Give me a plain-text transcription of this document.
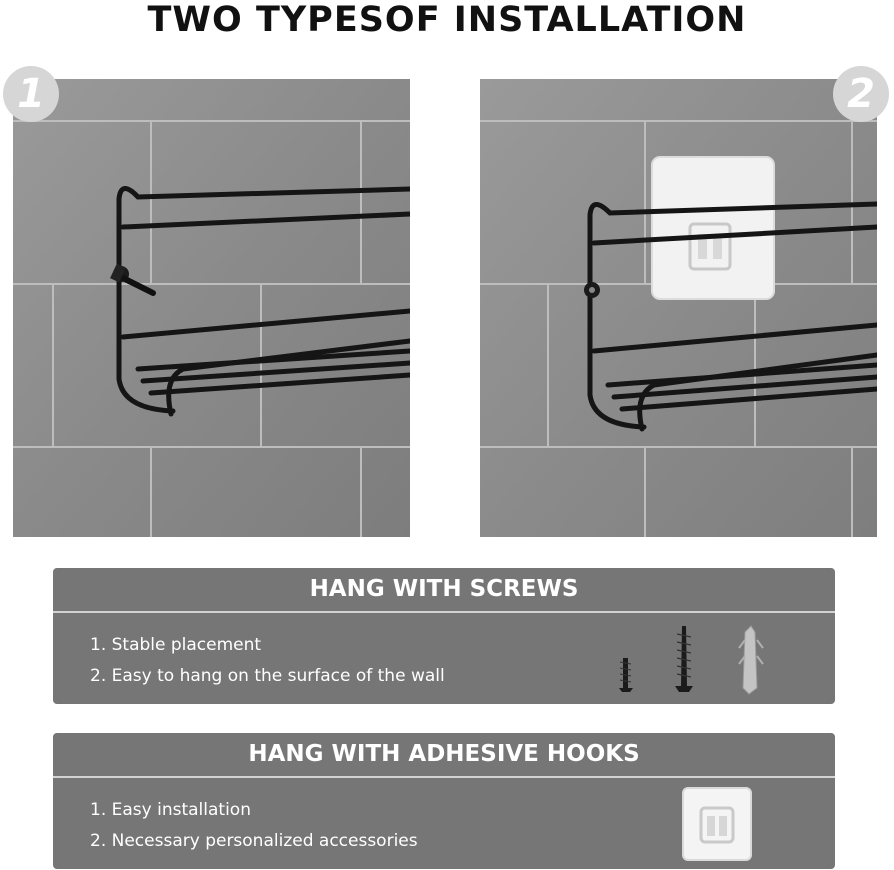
TWO TYPESOF INSTALLATION
1	2
HANG WITH SCREWS
1. Stable placement
2. Easy to hang on the surface of the wall
HANG WITH ADHESIVE HOOKS
1. Easy installation
2. Necessary personalized accessories
